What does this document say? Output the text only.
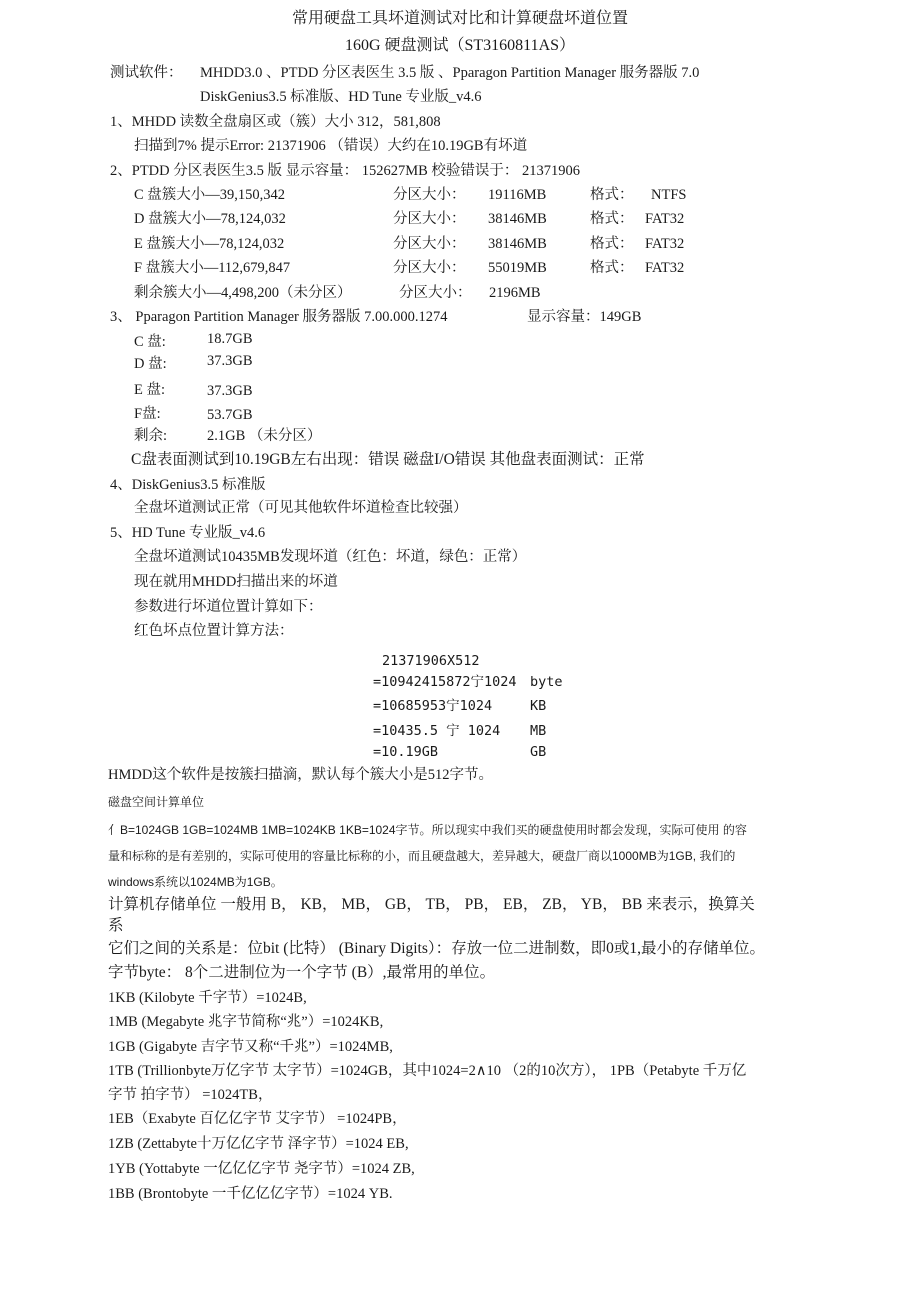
常用硬盘工具坏道测试对比和计算硬盘坏道位置
160G 硬盘测试（ST3160811AS）
测试软件： MHDD3.0 、PTDD 分区表医生 3.5 版 、Pparagon Partition Manager 服务器版 7.0
DiskGenius3.5 标准版、HD Tune 专业版_v4.6
1、MHDD 读数全盘扇区或（簇）大小 312，581,808
扫描到7% 提示Error: 21371906 （错误）大约在10.19GB有坏道
2、PTDD 分区表医生3.5 版 显示容量： 152627MB 校验错误于： 21371906
C 盘簇大小—39,150,342	分区大小： 19116MB	格式： NTFS
D 盘簇大小—78,124,032	分区大小： 38146MB	格式： FAT32
E 盘簇大小—78,124,032	分区大小： 38146MB	格式： FAT32
F 盘簇大小—112,679,847	分区大小： 55019MB	格式： FAT32
剩余簇大小—4,498,200（未分区）	分区大小： 2196MB
3、 Pparagon Partition Manager 服务器版 7.00.000.1274	显示容量：149GB
C 盘:	18.7GB
D 盘:	37.3GB
E 盘:	37.3GB
F盘:	53.7GB
剩余:	2.1GB （未分区）
C盘表面测试到10.19GB左右出现：错误 磁盘I/O错误 其他盘表面测试：正常
4、DiskGenius3.5 标准版
全盘坏道测试正常（可见其他软件坏道检查比较强）
5、HD Tune 专业版_v4.6
全盘坏道测试10435MB发现坏道（红色：坏道，绿色：正常）
现在就用MHDD扫描出来的坏道
参数进行坏道位置计算如下：
红色坏点位置计算方法：
21371906X512
=10942415872宁1024 byte
=10685953宁1024	KB
=10435.5 宁 1024 MB
=10.19GB	GB
HMDD这个软件是按簇扫描滴，默认每个簇大小是512字节。
磁盘空间计算单位
亻B=1024GB 1GB=1024MB 1MB=1024KB 1KB=1024字节。所以现实中我们买的硬盘使用时都会发现，实际可使用 的容
量和标称的是有差别的，实际可使用的容量比标称的小，而且硬盘越大，差异越大，硬盘厂商以1000MB为1GB, 我们的
windows系统以1024MB为1GB。
计算机存储单位 一般用 B， KB， MB， GB， TB， PB， EB， ZB， YB， BB 来表示，换算关
系
它们之间的关系是：位bit (比特） (Binary Digits）：存放一位二进制数，即0或1,最小的存储单位。
字节byte： 8个二进制位为一个字节 (B）,最常用的单位。
1KB (Kilobyte 千字节）=1024B,
1MB (Megabyte 兆字节简称“兆”）=1024KB,
1GB (Gigabyte 吉字节又称“千兆”）=1024MB,
1TB (Trillionbyte万亿字节 太字节）=1024GB，其中1024=2∧10 （2的10次方）， 1PB（Petabyte 千万亿
字节 拍字节） =1024TB，
1EB（Exabyte 百亿亿字节 艾字节） =1024PB，
1ZB (Zettabyte十万亿亿字节 泽字节）=1024 EB,
1YB (Yottabyte 一亿亿亿字节 尧字节）=1024 ZB,
1BB (Brontobyte 一千亿亿亿字节）=1024 YB.
